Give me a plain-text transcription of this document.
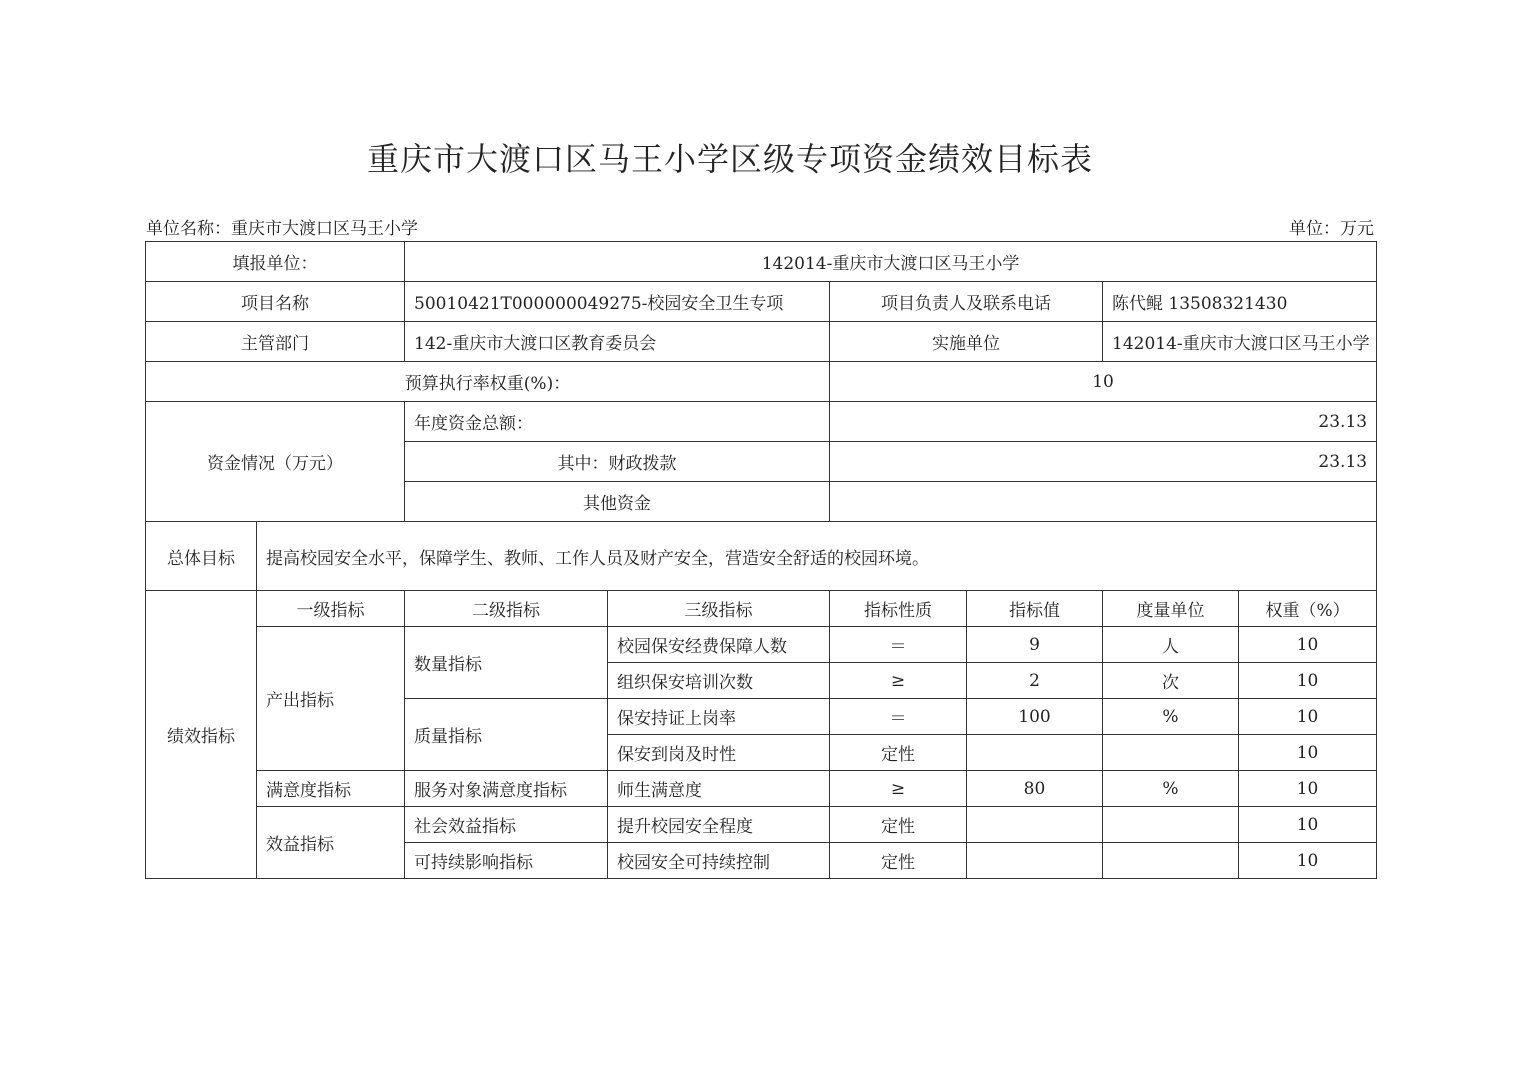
重庆市大渡口区马王小学区级专项资金绩效目标表
单位名称：重庆市大渡口区马王小学	单位：万元
填报单位：		142014-重庆市大渡口区马王小学					
项目名称		50010421T000000049275-校园安全卫生专项		项目负责人及联系电话		陈代鲲 13508321430	
主管部门		142-重庆市大渡口区教育委员会		实施单位		142014-重庆市大渡口区马王小学	
预算执行率权重(%)：				10			
资金情况（万元）		年度资金总额：		23.13			
		其中：财政拨款		23.13			
		其他资金					
总体目标	提高校园安全水平，保障学生、教师、工作人员及财产安全，营造安全舒适的校园环境。						
绩效指标	一级指标	二级指标	三级指标	指标性质	指标值	度量单位	权重（%）
	产出指标	数量指标	校园保安经费保障人数	＝	9	人	10
			组织保安培训次数	≥	2	次	10
		质量指标	保安持证上岗率	＝	100	%	10
			保安到岗及时性	定性			10
	满意度指标	服务对象满意度指标	师生满意度	≥	80	%	10
	效益指标	社会效益指标	提升校园安全程度	定性			10
		可持续影响指标	校园安全可持续控制	定性			10
